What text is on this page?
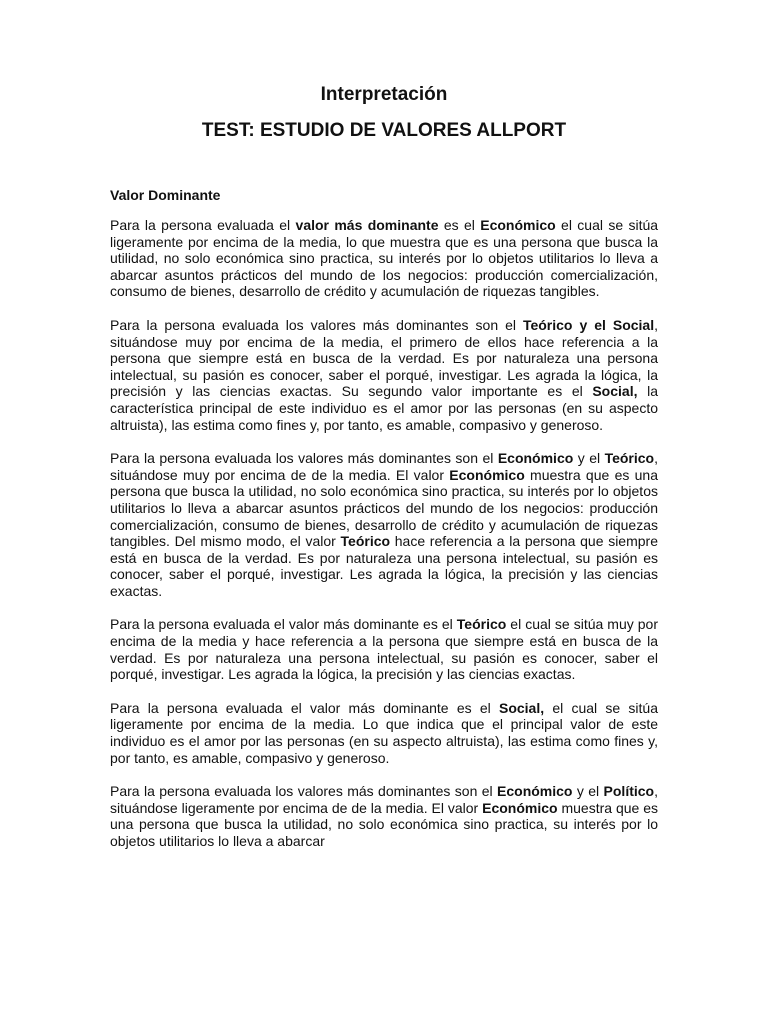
Interpretación
TEST: ESTUDIO DE VALORES ALLPORT

Valor Dominante

Para la persona evaluada el valor más dominante es el Económico el cual se sitúa ligeramente por encima de la media, lo que muestra que es una persona que busca la utilidad, no solo económica sino practica, su interés por lo objetos utilitarios lo lleva a abarcar asuntos prácticos del mundo de los negocios: producción comercialización, consumo de bienes, desarrollo de crédito y acumulación de riquezas tangibles.

Para la persona evaluada los valores más dominantes son el Teórico y el Social, situándose muy por encima de la media, el primero de ellos hace referencia a la persona que siempre está en busca de la verdad. Es por naturaleza una persona intelectual, su pasión es conocer, saber el porqué, investigar. Les agrada la lógica, la precisión y las ciencias exactas. Su segundo valor importante es el Social, la característica principal de este individuo es el amor por las personas (en su aspecto altruista), las estima como fines y, por tanto, es amable, compasivo y generoso.

Para la persona evaluada los valores más dominantes son el Económico y el Teórico, situándose muy por encima de de la media. El valor Económico muestra que es una persona que busca la utilidad, no solo económica sino practica, su interés por lo objetos utilitarios lo lleva a abarcar asuntos prácticos del mundo de los negocios: producción comercialización, consumo de bienes, desarrollo de crédito y acumulación de riquezas tangibles. Del mismo modo, el valor Teórico hace referencia a la persona que siempre está en busca de la verdad. Es por naturaleza una persona intelectual, su pasión es conocer, saber el porqué, investigar. Les agrada la lógica, la precisión y las ciencias exactas.

Para la persona evaluada el valor más dominante es el Teórico el cual se sitúa muy por encima de la media y hace referencia a la persona que siempre está en busca de la verdad. Es por naturaleza una persona intelectual, su pasión es conocer, saber el porqué, investigar. Les agrada la lógica, la precisión y las ciencias exactas.

Para la persona evaluada el valor más dominante es el Social, el cual se sitúa ligeramente por encima de la media. Lo que indica que el principal valor de este individuo es el amor por las personas (en su aspecto altruista), las estima como fines y, por tanto, es amable, compasivo y generoso.

Para la persona evaluada los valores más dominantes son el Económico y el Político, situándose ligeramente por encima de de la media. El valor Económico muestra que es una persona que busca la utilidad, no solo económica sino practica, su interés por lo objetos utilitarios lo lleva a abarcar
